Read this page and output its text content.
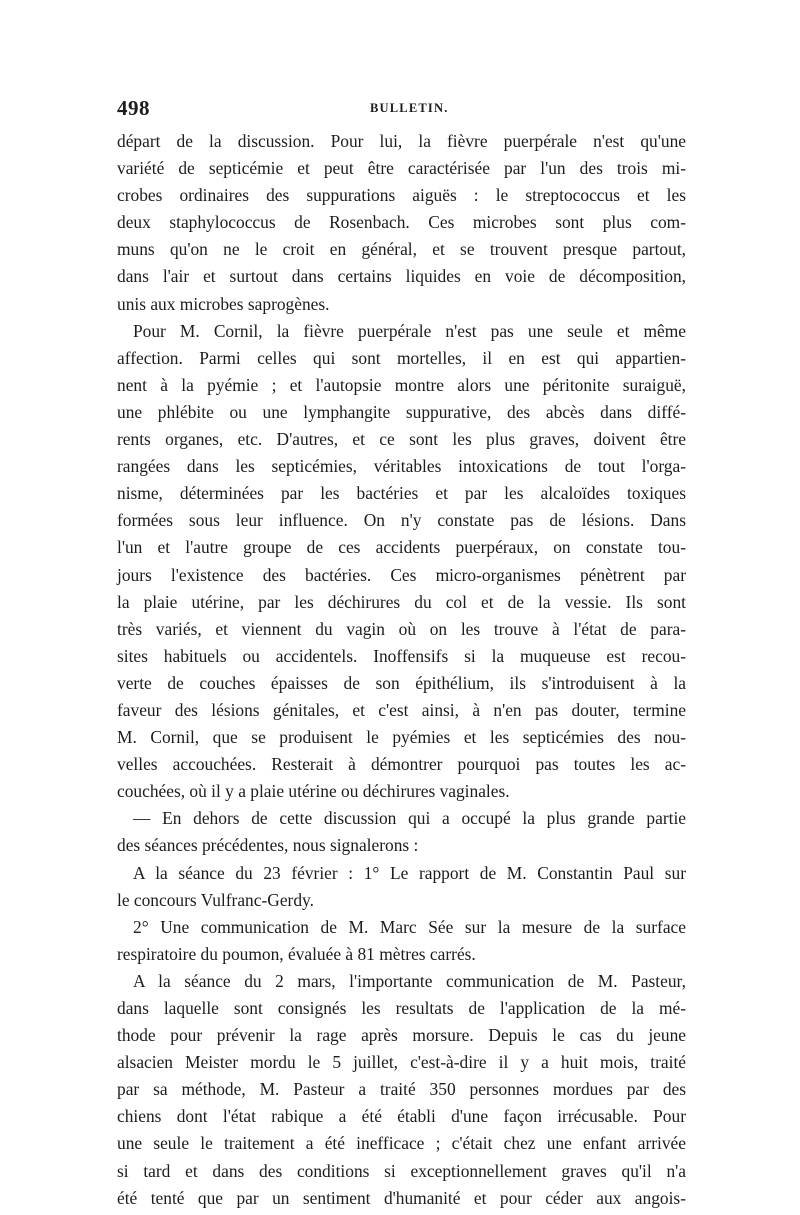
498	BULLETIN.
départ de la discussion. Pour lui, la fièvre puerpérale n'est qu'une
variété de septicémie et peut être caractérisée par l'un des trois mi-
crobes ordinaires des suppurations aiguës : le streptococcus et les
deux staphylococcus de Rosenbach. Ces microbes sont plus com-
muns qu'on ne le croit en général, et se trouvent presque partout,
dans l'air et surtout dans certains liquides en voie de décomposition,
unis aux microbes saprogènes.
Pour M. Cornil, la fièvre puerpérale n'est pas une seule et même
affection. Parmi celles qui sont mortelles, il en est qui appartien-
nent à la pyémie ; et l'autopsie montre alors une péritonite suraiguë,
une phlébite ou une lymphangite suppurative, des abcès dans diffé-
rents organes, etc. D'autres, et ce sont les plus graves, doivent être
rangées dans les septicémies, véritables intoxications de tout l'orga-
nisme, déterminées par les bactéries et par les alcaloïdes toxiques
formées sous leur influence. On n'y constate pas de lésions. Dans
l'un et l'autre groupe de ces accidents puerpéraux, on constate tou-
jours l'existence des bactéries. Ces micro-organismes pénètrent par
la plaie utérine, par les déchirures du col et de la vessie. Ils sont
très variés, et viennent du vagin où on les trouve à l'état de para-
sites habituels ou accidentels. Inoffensifs si la muqueuse est recou-
verte de couches épaisses de son épithélium, ils s'introduisent à la
faveur des lésions génitales, et c'est ainsi, à n'en pas douter, termine
M. Cornil, que se produisent le pyémies et les septicémies des nou-
velles accouchées. Resterait à démontrer pourquoi pas toutes les ac-
couchées, où il y a plaie utérine ou déchirures vaginales.
— En dehors de cette discussion qui a occupé la plus grande partie
des séances précédentes, nous signalerons :
A la séance du 23 février : 1° Le rapport de M. Constantin Paul sur
le concours Vulfranc-Gerdy.
2° Une communication de M. Marc Sée sur la mesure de la surface
respiratoire du poumon, évaluée à 81 mètres carrés.
A la séance du 2 mars, l'importante communication de M. Pasteur,
dans laquelle sont consignés les resultats de l'application de la mé-
thode pour prévenir la rage après morsure. Depuis le cas du jeune
alsacien Meister mordu le 5 juillet, c'est-à-dire il y a huit mois, traité
par sa méthode, M. Pasteur a traité 350 personnes mordues par des
chiens dont l'état rabique a été établi d'une façon irrécusable. Pour
une seule le traitement a été inefficace ; c'était chez une enfant arrivée
si tard et dans des conditions si exceptionnellement graves qu'il n'a
été tenté que par un sentiment d'humanité et pour céder aux angois-
